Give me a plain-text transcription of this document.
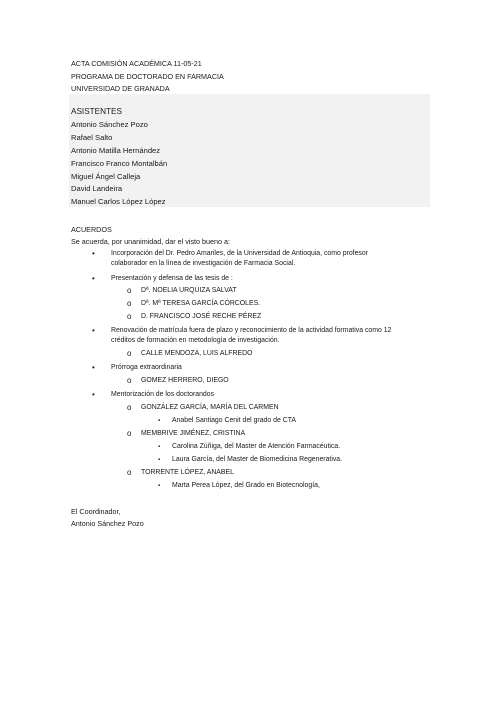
ACTA COMISIÓN ACADÉMICA 11-05-21
PROGRAMA DE DOCTORADO EN FARMACIA
UNIVERSIDAD DE GRANADA
ASISTENTES
Antonio Sánchez Pozo
Rafael Salto
Antonio Matilla Hernández
Francisco Franco Montalbán
Miguel Ángel Calleja
David Landeira
Manuel Carlos López López
ACUERDOS
Se acuerda, por unanimidad, dar el visto bueno a:
• Incorporación del Dr. Pedro Amariles, de la Universidad de Antioquia, como profesor
colaborador en la línea de investigación de Farmacia Social.
• Presentación y defensa de las tesis de :
o Dª. NOELIA URQUIZA SALVAT
o Dª. Mª TERESA GARCÍA CÓRCOLES.
o D. FRANCISCO JOSÉ RECHE PÉREZ
• Renovación de matrícula fuera de plazo y reconocimiento de la actividad formativa como 12
créditos de formación en metodología de investigación.
o CALLE MENDOZA, LUIS ALFREDO
• Prórroga extraordinaria
o GOMEZ HERRERO, DIEGO
• Mentorización de los doctorandos
o GONZÁLEZ GARCÍA, MARÍA DEL CARMEN
▪ Anabel Santiago Cenit del grado de CTA
o MEMBRIVE JIMÉNEZ, CRISTINA
▪ Carolina Zúñiga, del Master de Atención Farmacéutica.
▪ Laura García, del Master de Biomedicina Regenerativa.
o TORRENTE LÓPEZ, ANABEL
▪ Marta Perea López, del Grado en Biotecnología,
El Coordinador,
Antonio Sánchez Pozo
